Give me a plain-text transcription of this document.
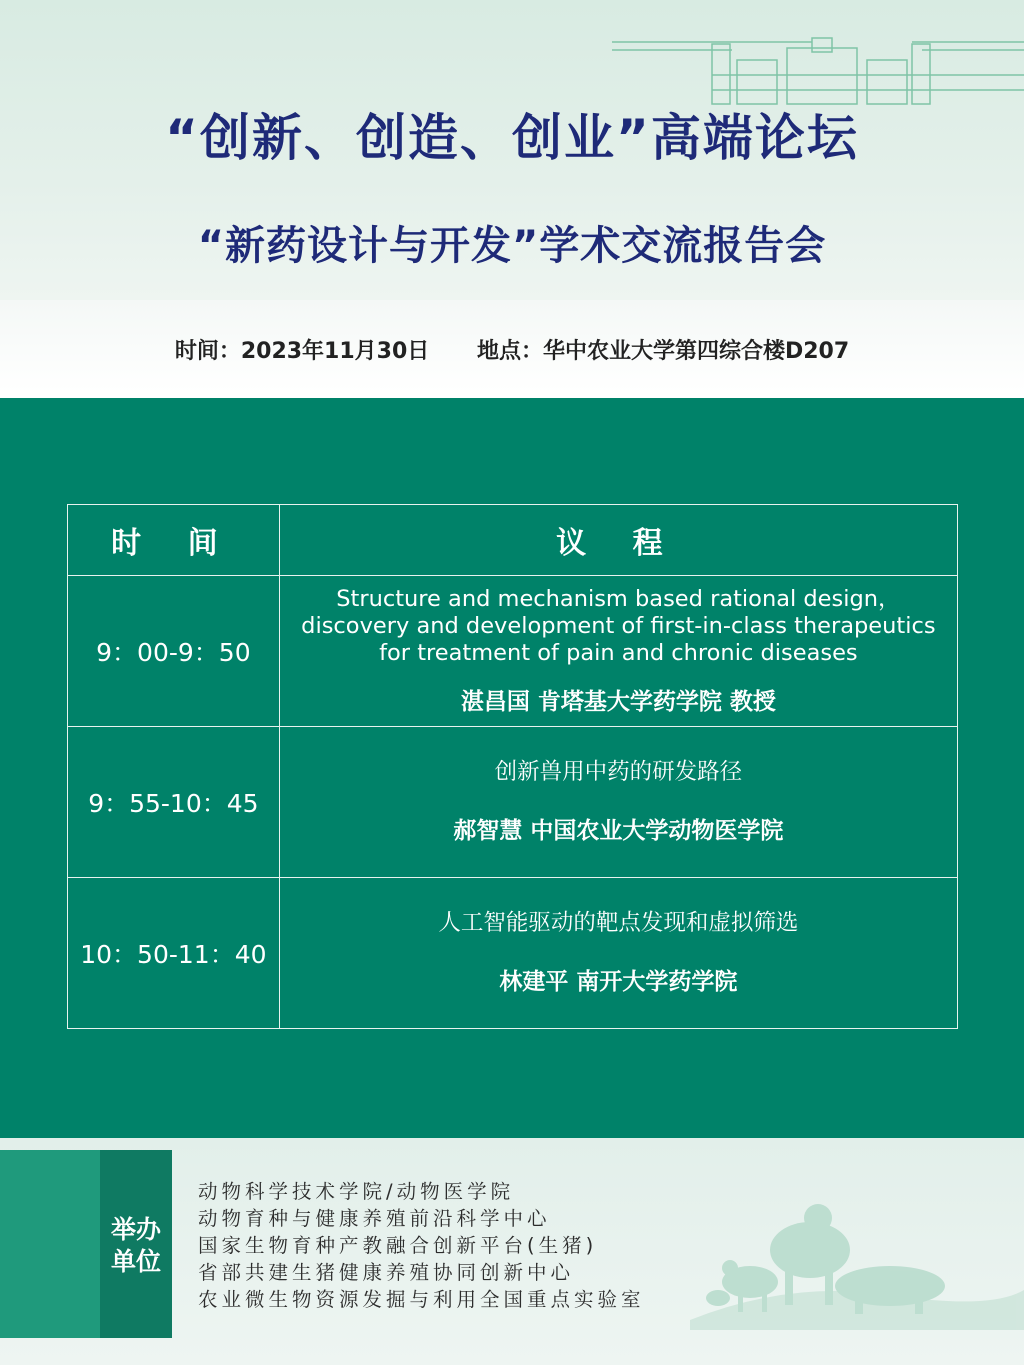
“创新、创造、创业”高端论坛
“新药设计与开发”学术交流报告会
时间：2023年11月30日 地点：华中农业大学第四综合楼D207
时 间	议 程
9：00-9：50	Structure and mechanism based rational design，
discovery and development of first-in-class therapeutics
for treatment of pain and chronic diseases
湛昌国 肯塔基大学药学院 教授

9：55-10：45	创新兽用中药的研发路径
郝智慧 中国农业大学动物医学院

10：50-11：40	人工智能驱动的靶点发现和虚拟筛选
林建平 南开大学药学院
举办
单位
动物科学技术学院/动物医学院
动物育种与健康养殖前沿科学中心
国家生物育种产教融合创新平台(生猪)
省部共建生猪健康养殖协同创新中心
农业微生物资源发掘与利用全国重点实验室
